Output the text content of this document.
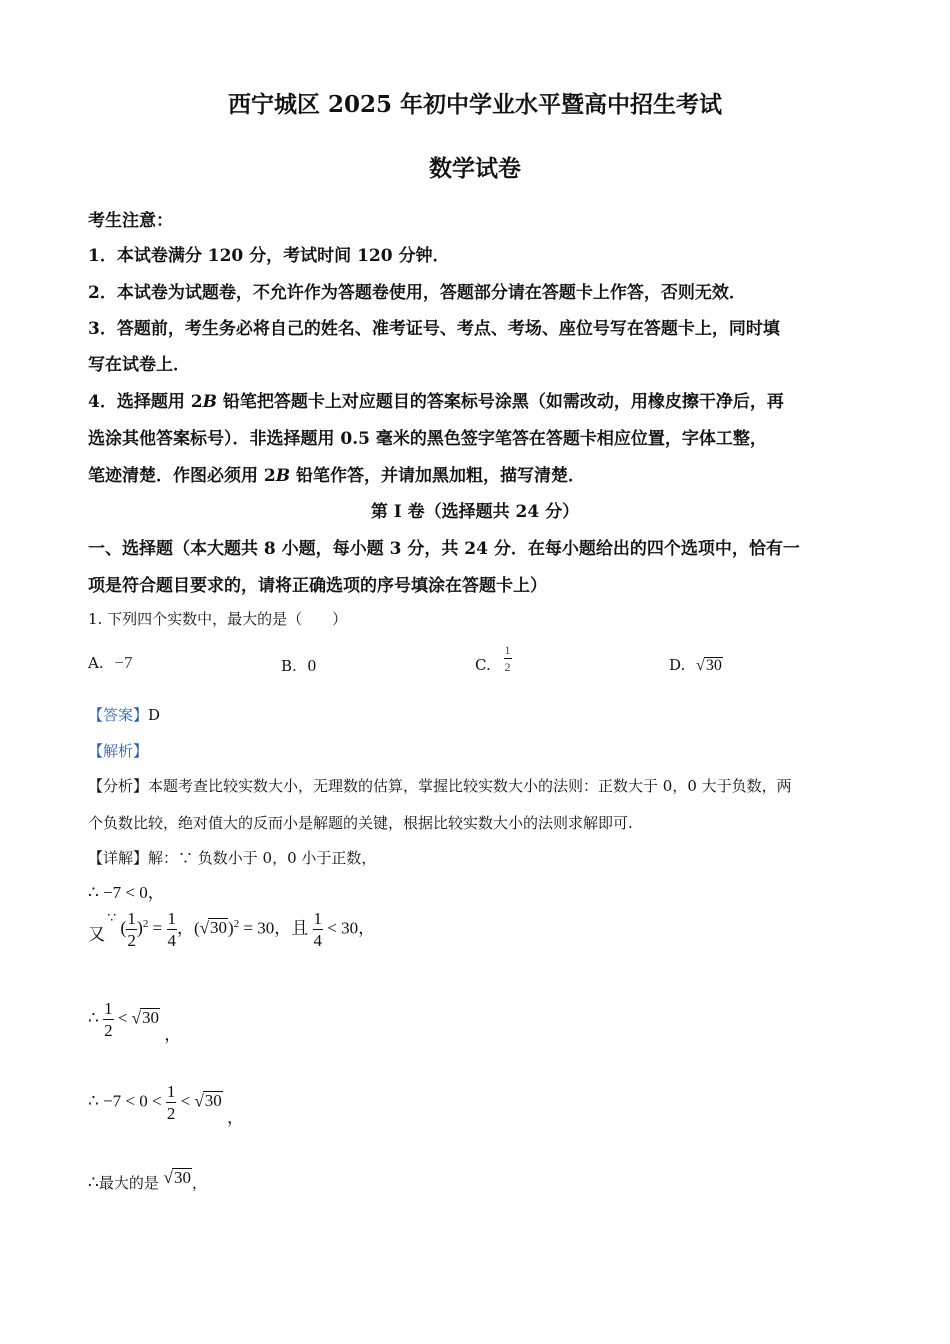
西宁城区 2025 年初中学业水平暨高中招生考试
数学试卷
考生注意：
1．本试卷满分 120 分，考试时间 120 分钟．
2．本试卷为试题卷，不允许作为答题卷使用，答题部分请在答题卡上作答，否则无效．
3．答题前，考生务必将自己的姓名、准考证号、考点、考场、座位号写在答题卡上，同时填
写在试卷上．
4．选择题用 2B 铅笔把答题卡上对应题目的答案标号涂黑（如需改动，用橡皮擦干净后，再
选涂其他答案标号）．非选择题用 0.5 毫米的黑色签字笔答在答题卡相应位置，字体工整，
笔迹清楚．作图必须用 2B 铅笔作答，并请加黑加粗，描写清楚．
第 I 卷（选择题共 24 分）
一、选择题（本大题共 8 小题，每小题 3 分，共 24 分．在每小题给出的四个选项中，恰有一
项是符合题目要求的，请将正确选项的序号填涂在答题卡上）
1. 下列四个实数中，最大的是（　　）
A. −7	B. 0	C. $\frac{1}{2}$	D. √30
【答案】D
【解析】
【分析】本题考查比较实数大小，无理数的估算，掌握比较实数大小的法则：正数大于 0，0 大于负数，两
个负数比较，绝对值大的反而小是解题的关键，根据比较实数大小的法则求解即可.
【详解】解：∵ 负数小于 0，0 小于正数，
∴ −7 < 0，
又 ∵ ( $\frac{1}{2} )^2 = \frac{1}{4}$ ，$(√30)^2 = 30$，且 $\frac{1}{4} < 30$，
∴ $\frac{1}{2} < √30$ ，
∴ $-7 < 0 < \frac{1}{2} < √30$ ，
∴最大的是 √30，
